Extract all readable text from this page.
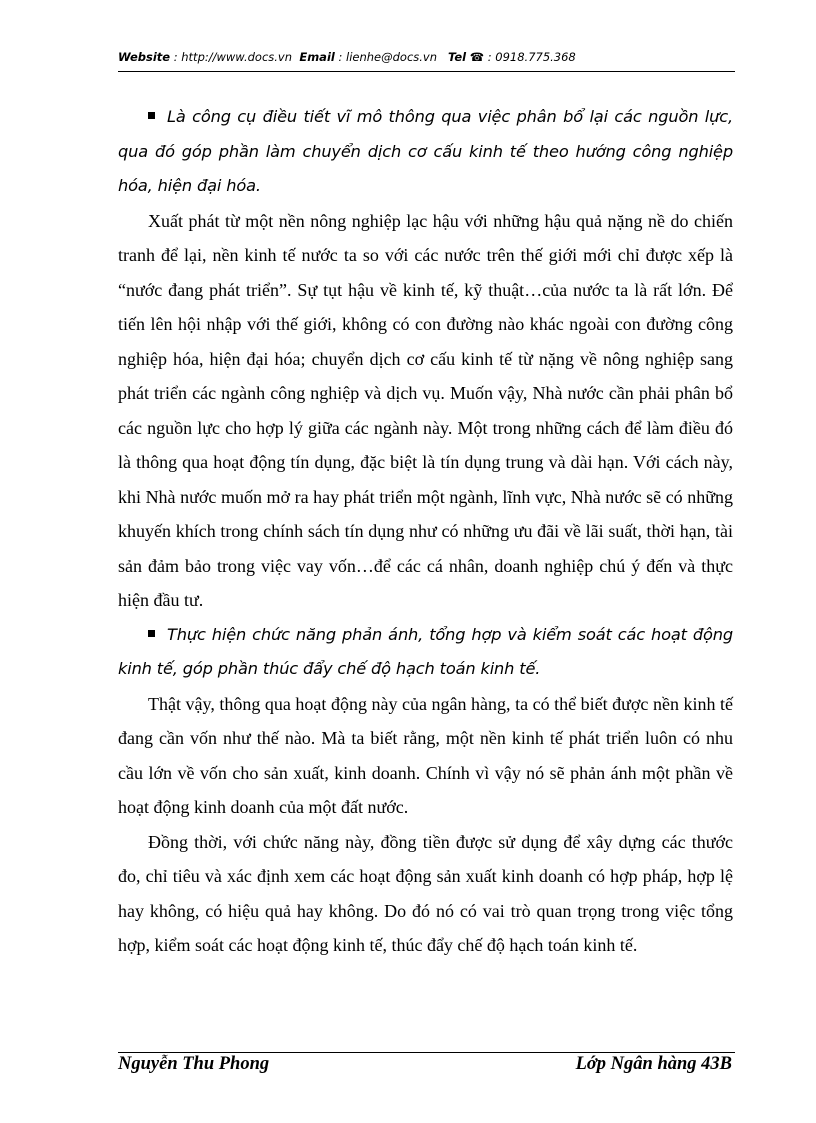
Website : http://www.docs.vn Email : lienhe@docs.vn Tel ☎ : 0918.775.368

Là công cụ điều tiết vĩ mô thông qua việc phân bổ lại các nguồn lực, qua đó góp phần làm chuyển dịch cơ cấu kinh tế theo hướng công nghiệp hóa, hiện đại hóa.

Xuất phát từ một nền nông nghiệp lạc hậu với những hậu quả nặng nề do chiến tranh để lại, nền kinh tế nước ta so với các nước trên thế giới mới chỉ được xếp là “nước đang phát triển”. Sự tụt hậu về kinh tế, kỹ thuật…của nước ta là rất lớn. Để tiến lên hội nhập với thế giới, không có con đường nào khác ngoài con đường công nghiệp hóa, hiện đại hóa; chuyển dịch cơ cấu kinh tế từ nặng về nông nghiệp sang phát triển các ngành công nghiệp và dịch vụ. Muốn vậy, Nhà nước cần phải phân bổ các nguồn lực cho hợp lý giữa các ngành này. Một trong những cách để làm điều đó là thông qua hoạt động tín dụng, đặc biệt là tín dụng trung và dài hạn. Với cách này, khi Nhà nước muốn mở ra hay phát triển một ngành, lĩnh vực, Nhà nước sẽ có những khuyến khích trong chính sách tín dụng như có những ưu đãi về lãi suất, thời hạn, tài sản đảm bảo trong việc vay vốn…để các cá nhân, doanh nghiệp chú ý đến và thực hiện đầu tư.

Thực hiện chức năng phản ánh, tổng hợp và kiểm soát các hoạt động kinh tế, góp phần thúc đẩy chế độ hạch toán kinh tế.

Thật vậy, thông qua hoạt động này của ngân hàng, ta có thể biết được nền kinh tế đang cần vốn như thế nào. Mà ta biết rằng, một nền kinh tế phát triển luôn có nhu cầu lớn về vốn cho sản xuất, kinh doanh. Chính vì vậy nó sẽ phản ánh một phần về hoạt động kinh doanh của một đất nước.

Đồng thời, với chức năng này, đồng tiền được sử dụng để xây dựng các thước đo, chỉ tiêu và xác định xem các hoạt động sản xuất kinh doanh có hợp pháp, hợp lệ hay không, có hiệu quả hay không. Do đó nó có vai trò quan trọng trong việc tổng hợp, kiểm soát các hoạt động kinh tế, thúc đẩy chế độ hạch toán kinh tế.

Nguyễn Thu Phong	Lớp Ngân hàng 43B
